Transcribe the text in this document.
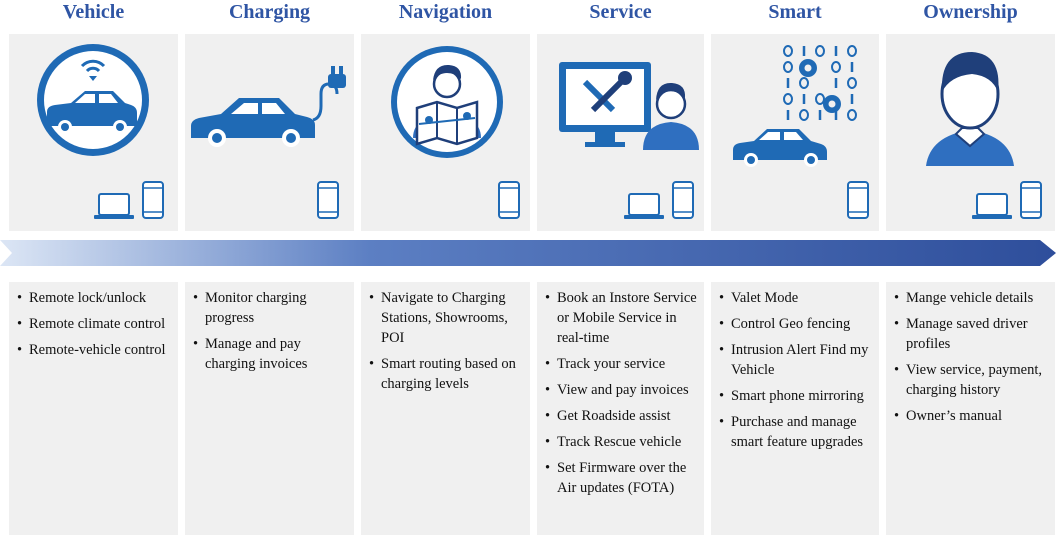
Vehicle
• Remote lock/unlock
• Remote climate control
• Remote-vehicle control
Charging
• Monitor charging progress
• Manage and pay charging invoices
Navigation
• Navigate to Charging Stations, Showrooms, POI
• Smart routing based on charging levels
Service
• Book an Instore Service or Mobile Service in real-time
• Track your service
• View and pay invoices
• Get Roadside assist
• Track Rescue vehicle
• Set Firmware over the Air updates (FOTA)
Smart
• Valet Mode
• Control Geo fencing
• Intrusion Alert Find my Vehicle
• Smart phone mirroring
• Purchase and manage smart feature upgrades
Ownership
• Mange vehicle details
• Manage saved driver profiles
• View service, payment, charging history
• Owner’s manual
